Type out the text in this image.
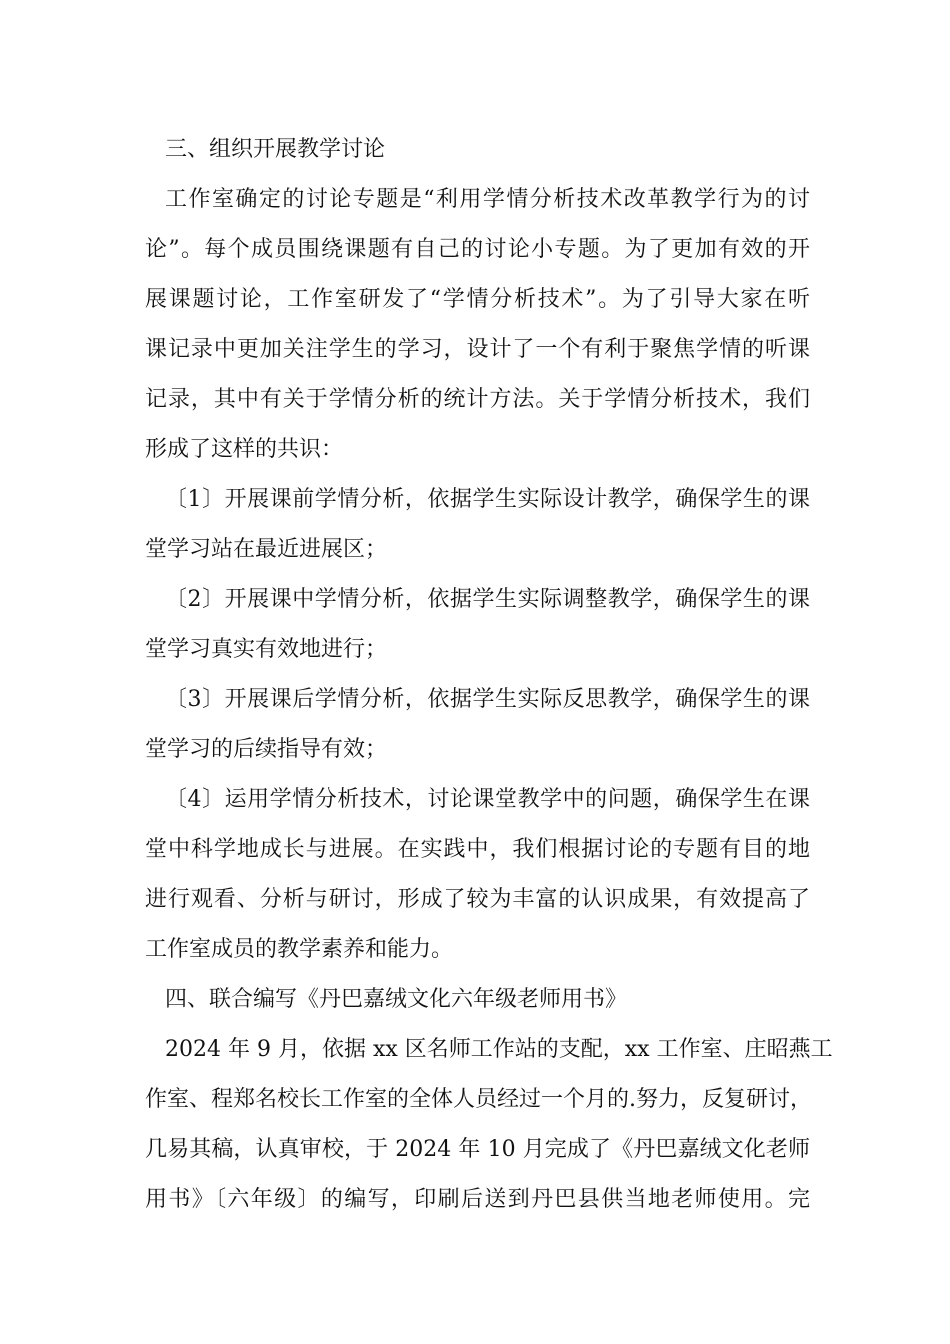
三、组织开展教学讨论
工作室确定的讨论专题是“利用学情分析技术改革教学行为的讨
论”。每个成员围绕课题有自己的讨论小专题。为了更加有效的开
展课题讨论，工作室研发了“学情分析技术”。为了引导大家在听
课记录中更加关注学生的学习，设计了一个有利于聚焦学情的听课
记录，其中有关于学情分析的统计方法。关于学情分析技术，我们
形成了这样的共识：
〔1〕开展课前学情分析，依据学生实际设计教学，确保学生的课
堂学习站在最近进展区；
〔2〕开展课中学情分析，依据学生实际调整教学，确保学生的课
堂学习真实有效地进行；
〔3〕开展课后学情分析，依据学生实际反思教学，确保学生的课
堂学习的后续指导有效；
〔4〕运用学情分析技术，讨论课堂教学中的问题，确保学生在课
堂中科学地成长与进展。在实践中，我们根据讨论的专题有目的地
进行观看、分析与研讨，形成了较为丰富的认识成果，有效提高了
工作室成员的教学素养和能力。
四、联合编写《丹巴嘉绒文化六年级老师用书》
2024 年 9 月，依据 xx 区名师工作站的支配，xx 工作室、庄昭燕工
作室、程郑名校长工作室的全体人员经过一个月的.努力，反复研讨，
几易其稿，认真审校，于 2024 年 10 月完成了《丹巴嘉绒文化老师
用书》〔六年级〕的编写，印刷后送到丹巴县供当地老师使用。完
